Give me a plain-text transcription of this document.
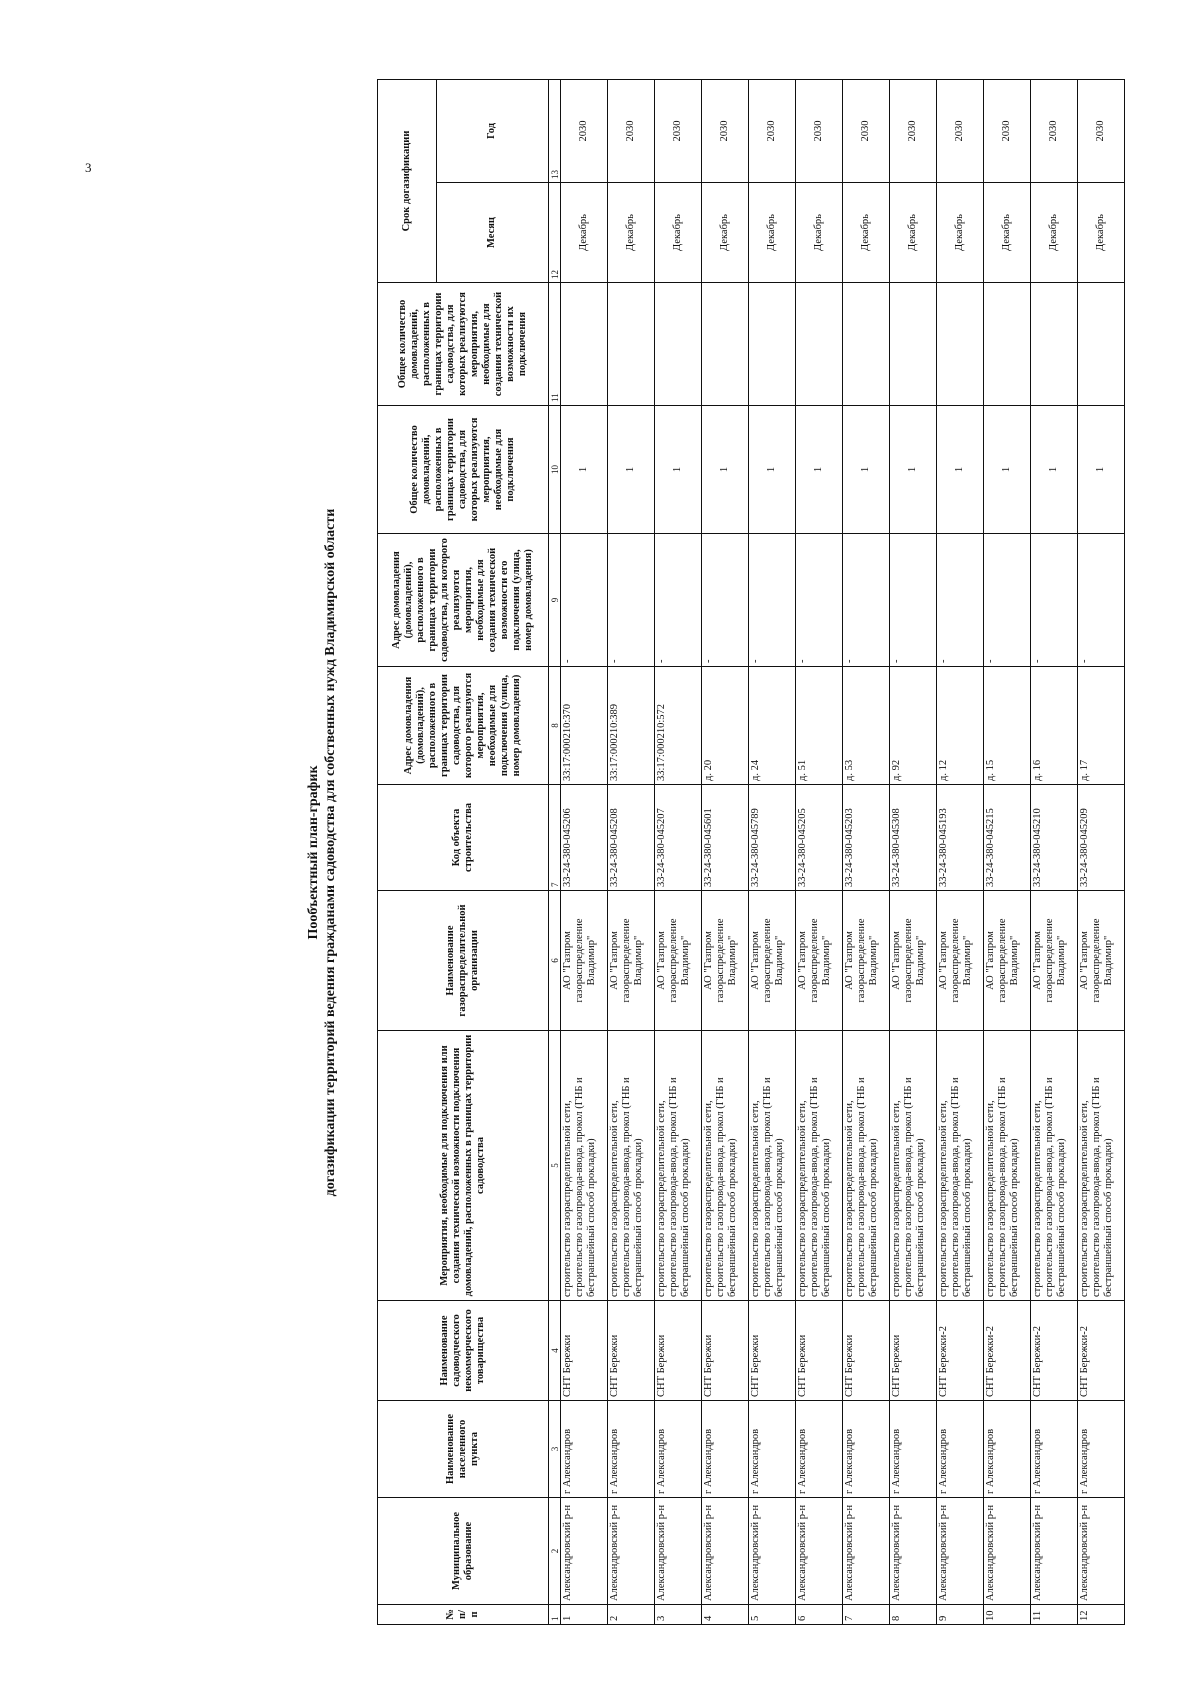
3
Пообъектный план-график догазификации территорий ведения гражданами садоводства для собственных нужд Владимирской области
№ п/п	Муниципальное образование	Наименование населенного пункта	Наименование садоводческого некоммерческого товарищества	Мероприятия, необходимые для подключения или создания технической возможности подключения домовладений, расположенных в границах территории садоводства	Наименование газораспределительной организации	Код объекта строительства	Адрес домовладения (домовладений), расположенного в границах территории садоводства, для которого реализуются мероприятия, необходимые для подключения (улица, номер домовладения)	Адрес домовладения (домовладений), расположенного в границах территории садоводства, для которого реализуются мероприятия, необходимые для создания технической возможности его подключения (улица, номер домовладения)	Общее количество домовладений, расположенных в границах территории садоводства, для которых реализуются мероприятия, необходимые для подключения	Общее количество домовладений, расположенных в границах территории садоводства, для которых реализуются мероприятия, необходимые для создания технической возможности их подключения	Срок догазификации	
											Месяц	Год
1	2	3	4	5	6	7	8	9	10	11	12	13
1	Александровский р-н	г Александров	СНТ Бережки	строительство газораспределительной сети, строительство газопровода-ввода, прокол (ГНБ и бестраншейный способ прокладки)	АО "Газпром газораспределение Владимир"	33-24-380-045206	33:17:000210:370	-	1		Декабрь	2030
2	Александровский р-н	г Александров	СНТ Бережки	строительство газораспределительной сети, строительство газопровода-ввода, прокол (ГНБ и бестраншейный способ прокладки)	АО "Газпром газораспределение Владимир"	33-24-380-045208	33:17:000210:389	-	1		Декабрь	2030
3	Александровский р-н	г Александров	СНТ Бережки	строительство газораспределительной сети, строительство газопровода-ввода, прокол (ГНБ и бестраншейный способ прокладки)	АО "Газпром газораспределение Владимир"	33-24-380-045207	33:17:000210:572	-	1		Декабрь	2030
4	Александровский р-н	г Александров	СНТ Бережки	строительство газораспределительной сети, строительство газопровода-ввода, прокол (ГНБ и бестраншейный способ прокладки)	АО "Газпром газораспределение Владимир"	33-24-380-045601	д. 20	-	1		Декабрь	2030
5	Александровский р-н	г Александров	СНТ Бережки	строительство газораспределительной сети, строительство газопровода-ввода, прокол (ГНБ и бестраншейный способ прокладки)	АО "Газпром газораспределение Владимир"	33-24-380-045789	д. 24	-	1		Декабрь	2030
6	Александровский р-н	г Александров	СНТ Бережки	строительство газораспределительной сети, строительство газопровода-ввода, прокол (ГНБ и бестраншейный способ прокладки)	АО "Газпром газораспределение Владимир"	33-24-380-045205	д. 51	-	1		Декабрь	2030
7	Александровский р-н	г Александров	СНТ Бережки	строительство газораспределительной сети, строительство газопровода-ввода, прокол (ГНБ и бестраншейный способ прокладки)	АО "Газпром газораспределение Владимир"	33-24-380-045203	д. 53	-	1		Декабрь	2030
8	Александровский р-н	г Александров	СНТ Бережки	строительство газораспределительной сети, строительство газопровода-ввода, прокол (ГНБ и бестраншейный способ прокладки)	АО "Газпром газораспределение Владимир"	33-24-380-045308	д. 92	-	1		Декабрь	2030
9	Александровский р-н	г Александров	СНТ Бережки-2	строительство газораспределительной сети, строительство газопровода-ввода, прокол (ГНБ и бестраншейный способ прокладки)	АО "Газпром газораспределение Владимир"	33-24-380-045193	д. 12	-	1		Декабрь	2030
10	Александровский р-н	г Александров	СНТ Бережки-2	строительство газораспределительной сети, строительство газопровода-ввода, прокол (ГНБ и бестраншейный способ прокладки)	АО "Газпром газораспределение Владимир"	33-24-380-045215	д. 15	-	1		Декабрь	2030
11	Александровский р-н	г Александров	СНТ Бережки-2	строительство газораспределительной сети, строительство газопровода-ввода, прокол (ГНБ и бестраншейный способ прокладки)	АО "Газпром газораспределение Владимир"	33-24-380-045210	д. 16	-	1		Декабрь	2030
12	Александровский р-н	г Александров	СНТ Бережки-2	строительство газораспределительной сети, строительство газопровода-ввода, прокол (ГНБ и бестраншейный способ прокладки)	АО "Газпром газораспределение Владимир"	33-24-380-045209	д. 17	-	1		Декабрь	2030
